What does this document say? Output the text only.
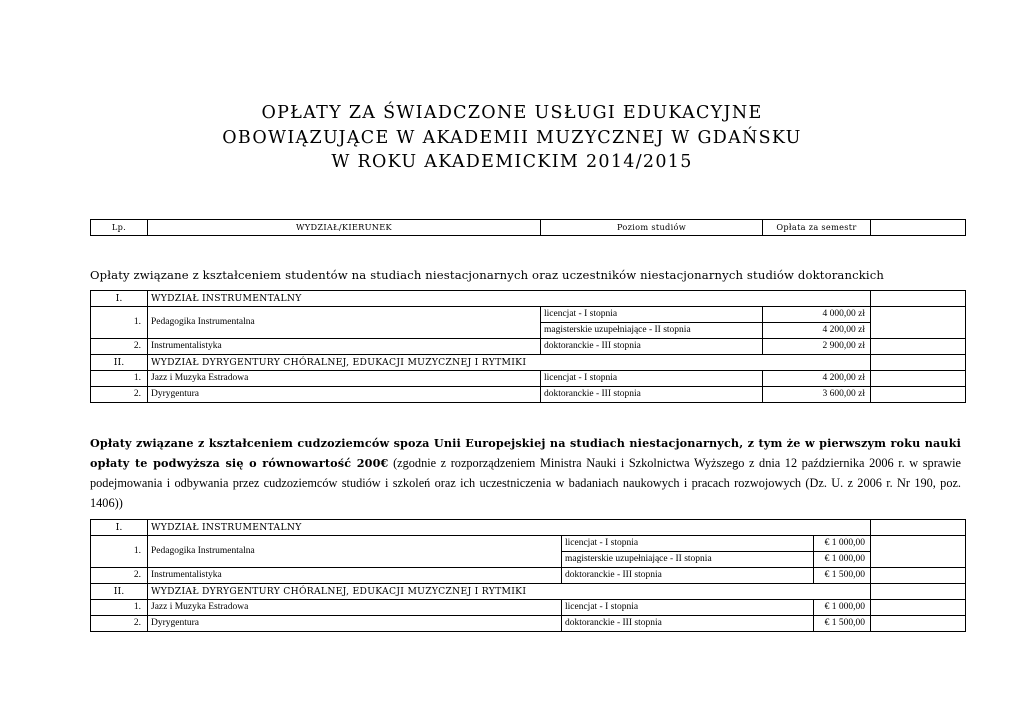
OPŁATY ZA ŚWIADCZONE USŁUGI EDUKACYJNE
OBOWIĄZUJĄCE W AKADEMII MUZYCZNEJ W GDAŃSKU
W ROKU AKADEMICKIM 2014/2015
Lp.	WYDZIAŁ/KIERUNEK	Poziom studiów	Opłata za semestr	
Opłaty związane z kształceniem studentów na studiach niestacjonarnych oraz uczestników niestacjonarnych studiów doktoranckich
I.	WYDZIAŁ INSTRUMENTALNY			
1.	Pedagogika Instrumentalna	licencjat - I stopnia	4 000,00 zł	
		magisterskie uzupełniające - II stopnia	4 200,00 zł	
2.	Instrumentalistyka	doktoranckie - III stopnia	2 900,00 zł	
II.	WYDZIAŁ DYRYGENTURY CHÓRALNEJ, EDUKACJI MUZYCZNEJ I RYTMIKI			
1.	Jazz i Muzyka Estradowa	licencjat - I stopnia	4 200,00 zł	
2.	Dyrygentura	doktoranckie - III stopnia	3 600,00 zł	
Opłaty związane z kształceniem cudzoziemców spoza Unii Europejskiej na studiach niestacjonarnych, z tym że w pierwszym roku nauki opłaty te podwyższa się o równowartość 200€ (zgodnie z rozporządzeniem Ministra Nauki i Szkolnictwa Wyższego z dnia 12 października 2006 r. w sprawie podejmowania i odbywania przez cudzoziemców studiów i szkoleń oraz ich uczestniczenia w badaniach naukowych i pracach rozwojowych (Dz. U. z 2006 r. Nr 190, poz. 1406))
I.	WYDZIAŁ INSTRUMENTALNY			
1.	Pedagogika Instrumentalna	licencjat - I stopnia	€ 1 000,00	
		magisterskie uzupełniające - II stopnia	€ 1 000,00	
2.	Instrumentalistyka	doktoranckie - III stopnia	€ 1 500,00	
II.	WYDZIAŁ DYRYGENTURY CHÓRALNEJ, EDUKACJI MUZYCZNEJ I RYTMIKI			
1.	Jazz i Muzyka Estradowa	licencjat - I stopnia	€ 1 000,00	
2.	Dyrygentura	doktoranckie - III stopnia	€ 1 500,00	
